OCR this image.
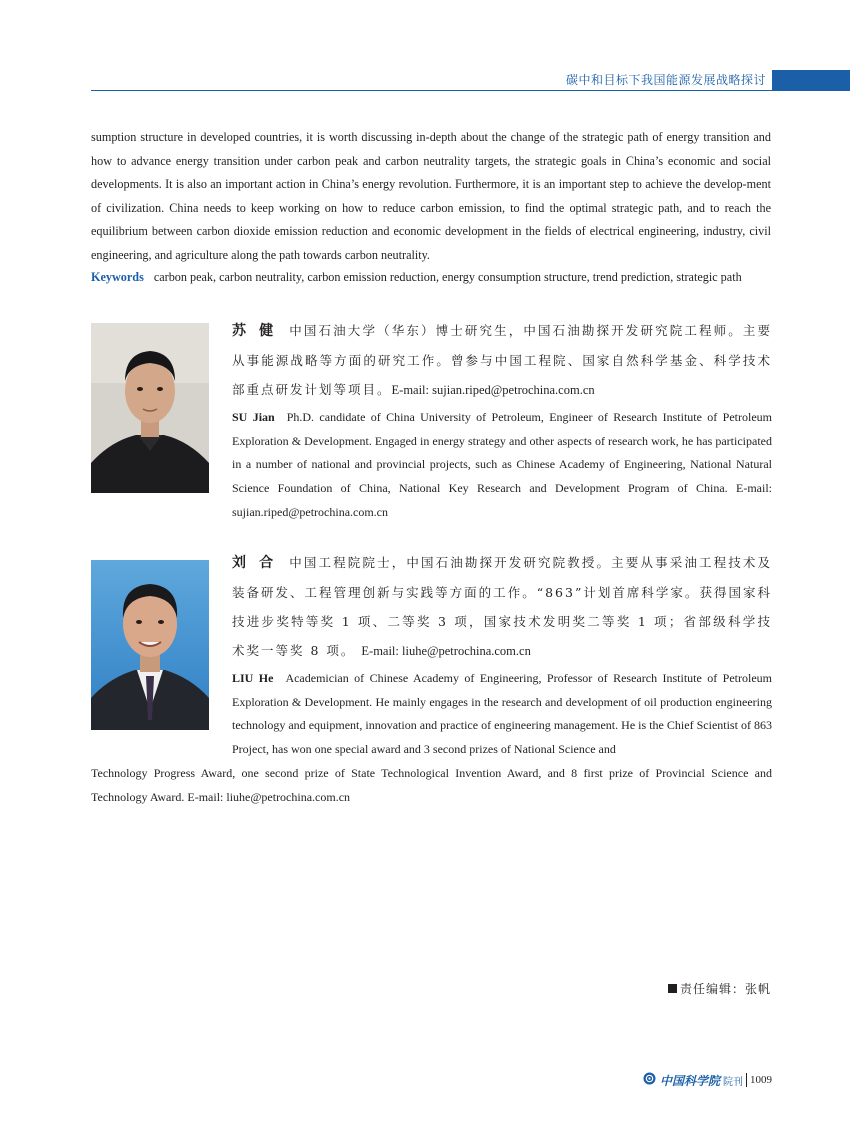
碳中和目标下我国能源发展战略探讨

sumption structure in developed countries, it is worth discussing in-depth about the change of the strategic path of energy transition and how to advance energy transition under carbon peak and carbon neutrality targets, the strategic goals in China’s economic and social developments. It is also an important action in China’s energy revolution. Furthermore, it is an important step to achieve the develop-ment of civilization. China needs to keep working on how to reduce carbon emission, to find the optimal strategic path, and to reach the equilibrium between carbon dioxide emission reduction and economic development in the fields of electrical engineering, industry, civil engineering, and agriculture along the path towards carbon neutrality.

Keywords carbon peak, carbon neutrality, carbon emission reduction, energy consumption structure, trend prediction, strategic path

苏 健 中国石油大学（华东）博士研究生，中国石油勘探开发研究院工程师。主要从事能源战略等方面的研究工作。曾参与中国工程院、国家自然科学基金、科学技术部重点研发计划等项目。E-mail: sujian.riped@petrochina.com.cn

SU Jian Ph.D. candidate of China University of Petroleum, Engineer of Research Institute of Petroleum Exploration & Development. Engaged in energy strategy and other aspects of research work, he has participated in a number of national and provincial projects, such as Chinese Academy of Engineering, National Natural Science Foundation of China, National Key Research and Development Program of China. E-mail: sujian.riped@petrochina.com.cn

刘 合 中国工程院院士，中国石油勘探开发研究院教授。主要从事采油工程技术及装备研发、工程管理创新与实践等方面的工作。“863”计划首席科学家。获得国家科技进步奖特等奖 1 项、二等奖 3 项，国家技术发明奖二等奖 1 项；省部级科学技术奖一等奖 8 项。 E-mail: liuhe@petrochina.com.cn

LIU He Academician of Chinese Academy of Engineering, Professor of Research Institute of Petroleum Exploration & Development. He mainly engages in the research and development of oil production engineering technology and equipment, innovation and practice of engineering management. He is the Chief Scientist of 863 Project, has won one special award and 3 second prizes of National Science and

Technology Progress Award, one second prize of State Technological Invention Award, and 8 first prize of Provincial Science and Technology Award. E-mail: liuhe@petrochina.com.cn

责任编辑：张帆
中国科学院 院刊 1009
